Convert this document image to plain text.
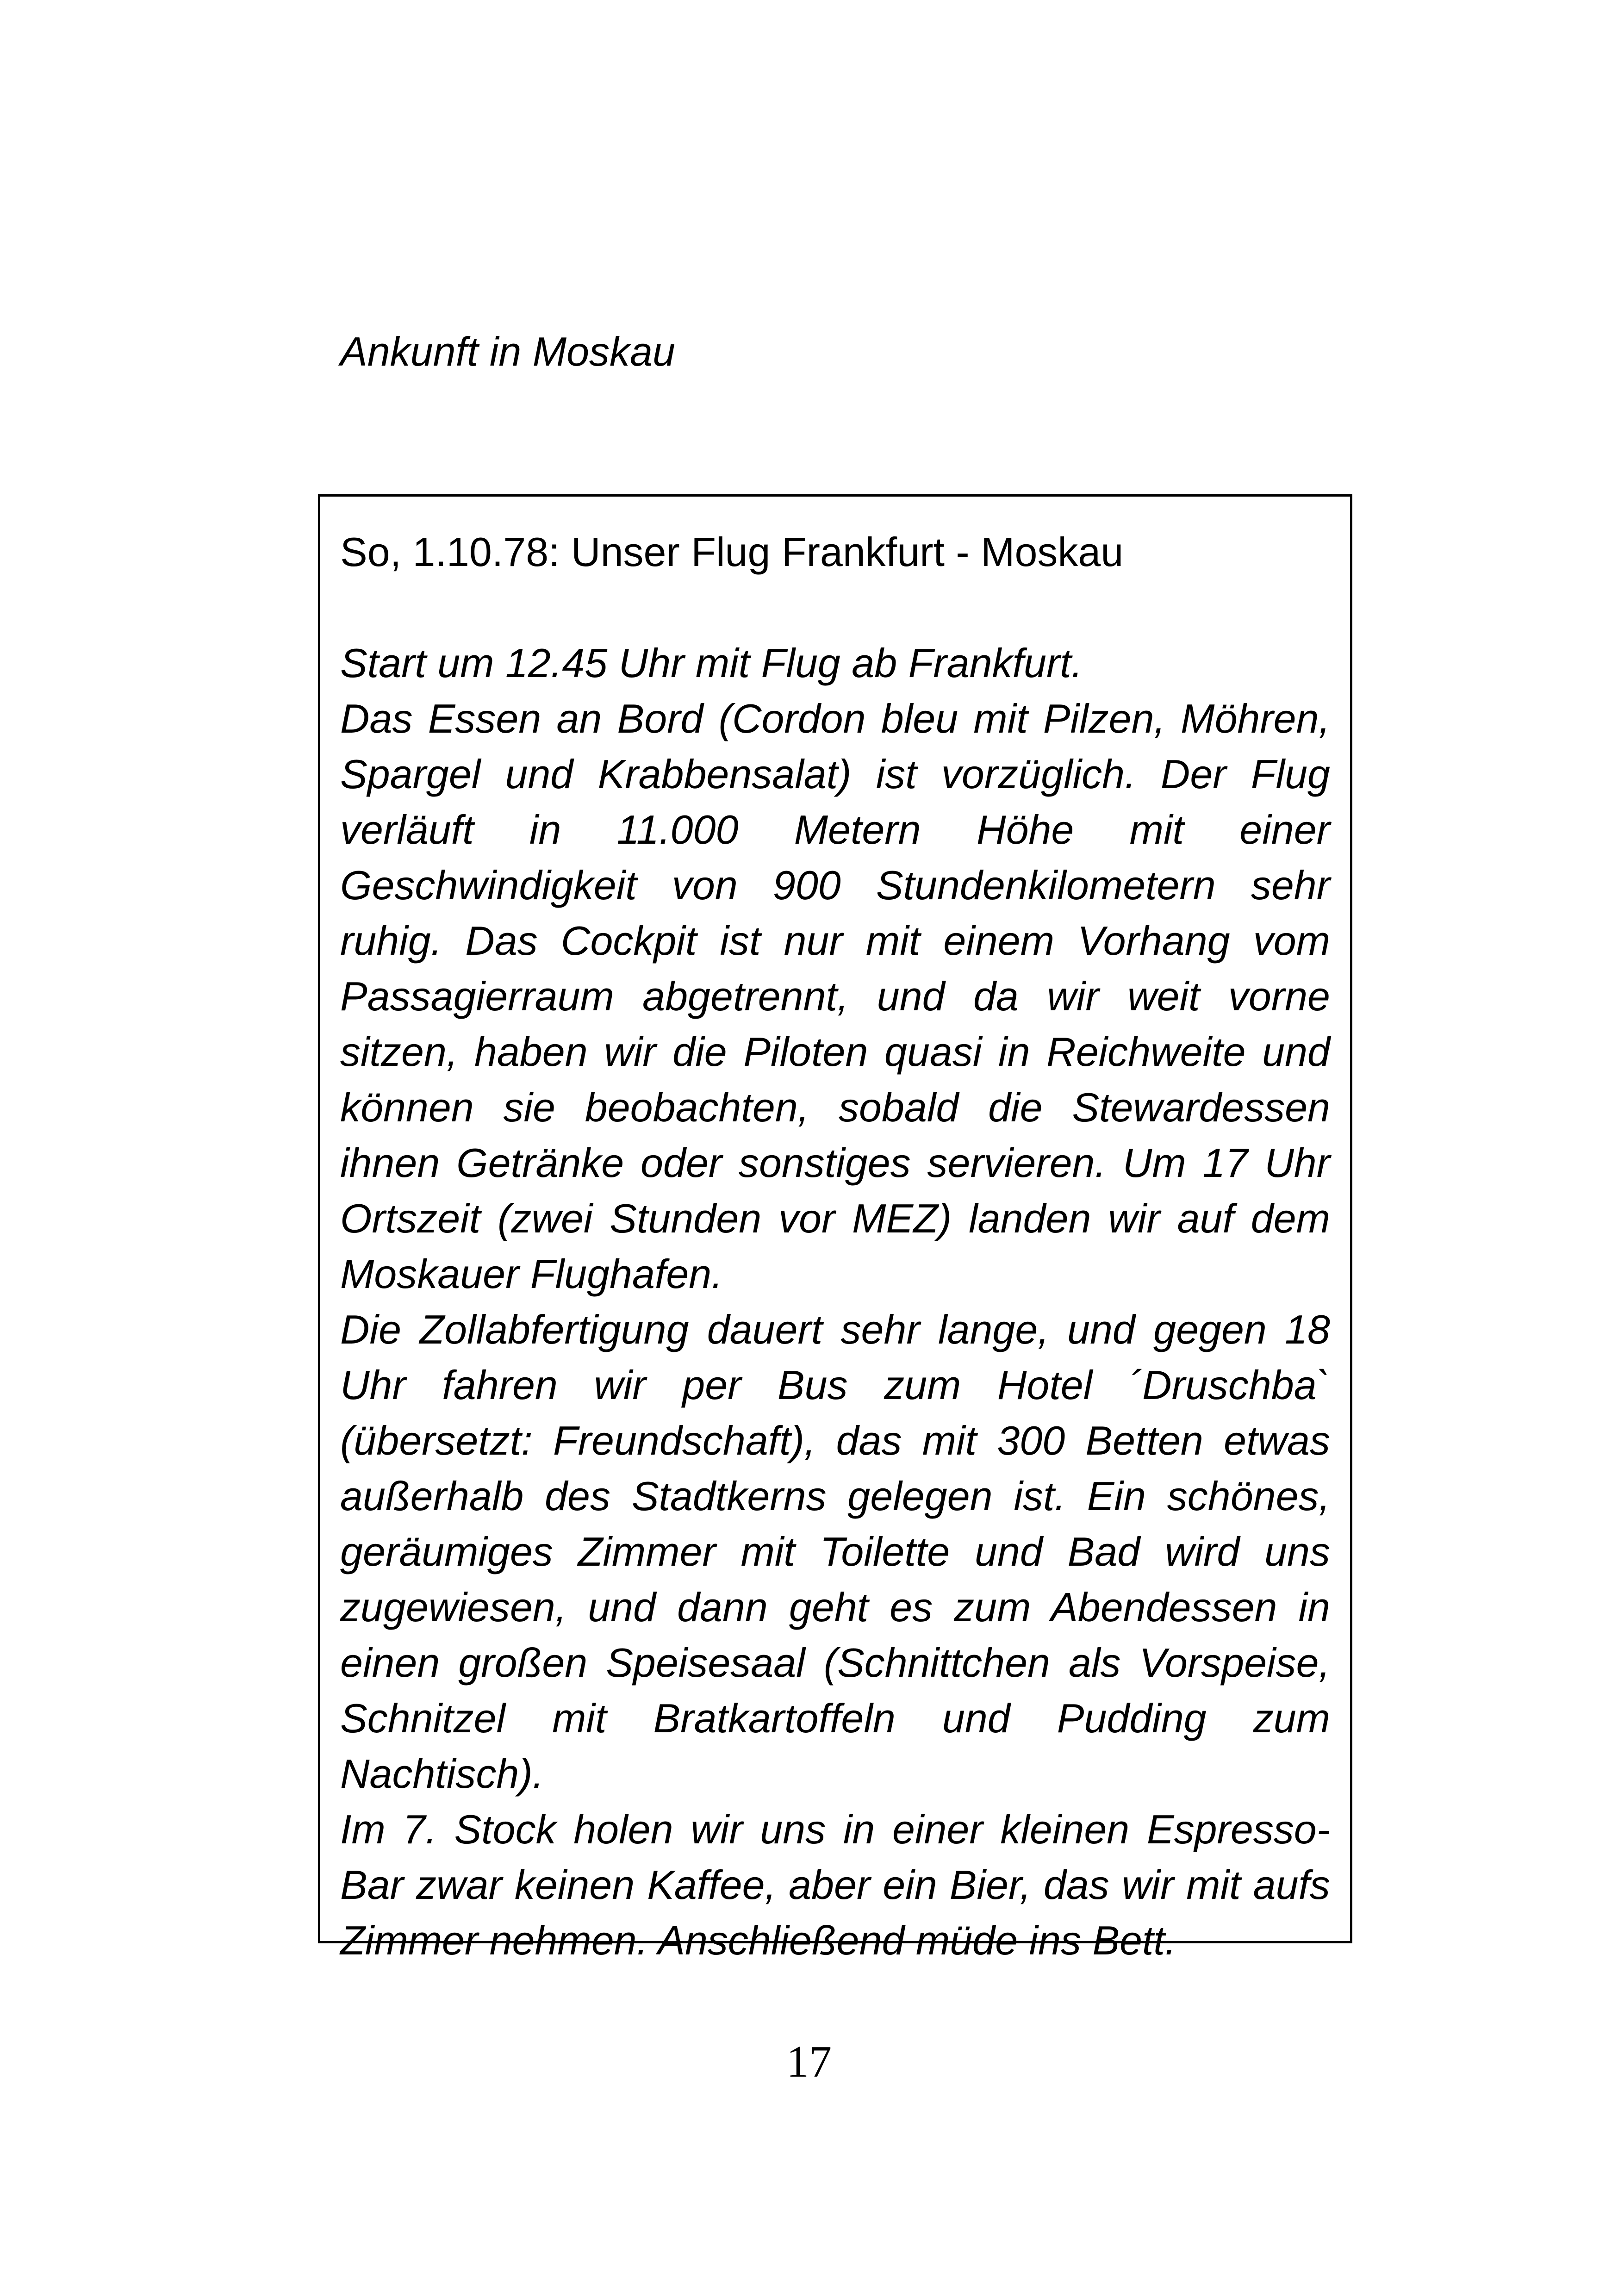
Ankunft in Moskau
So, 1.10.78: Unser Flug Frankfurt - Moskau

Start um 12.45 Uhr mit Flug ab Frankfurt.

Das Essen an Bord (Cordon bleu mit Pilzen, Möhren, Spargel und Krabbensalat) ist vorzüglich. Der Flug verläuft in 11.000 Metern Höhe mit einer Geschwindigkeit von 900 Stundenkilometern sehr ruhig. Das Cockpit ist nur mit einem Vorhang vom Passagierraum abgetrennt, und da wir weit vorne sitzen, haben wir die Piloten quasi in Reichweite und können sie beobachten, sobald die Stewardessen ihnen Getränke oder sonstiges servieren. Um 17 Uhr Ortszeit (zwei Stunden vor MEZ) landen wir auf dem Moskauer Flughafen.

Die Zollabfertigung dauert sehr lange, und gegen 18 Uhr fahren wir per Bus zum Hotel ´Druschba` (übersetzt: Freundschaft), das mit 300 Betten etwas außerhalb des Stadtkerns gelegen ist. Ein schönes, geräumiges Zimmer mit Toilette und Bad wird uns zugewiesen, und dann geht es zum Abendessen in einen großen Speisesaal (Schnittchen als Vorspeise, Schnitzel mit Bratkartoffeln und Pudding zum Nachtisch).

Im 7. Stock holen wir uns in einer kleinen Espresso-Bar zwar keinen Kaffee, aber ein Bier, das wir mit aufs Zimmer nehmen. Anschließend müde ins Bett.

17
